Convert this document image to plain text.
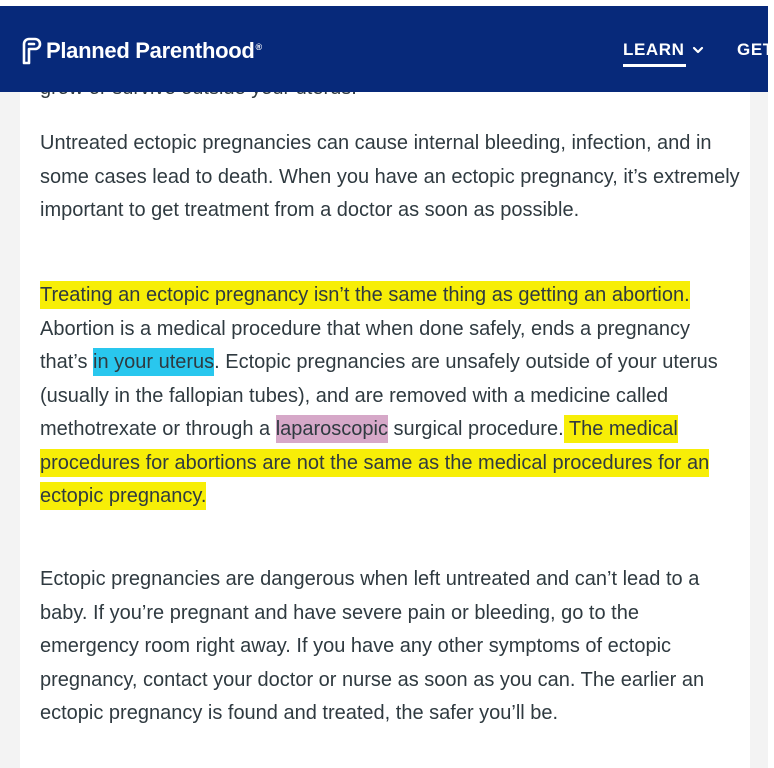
Untreated ectopic pregnancies can cause internal bleeding, infection, and in some cases lead to death. When you have an ectopic pregnancy, it’s extremely important to get treatment from a doctor as soon as possible.

Treating an ectopic pregnancy isn’t the same thing as getting an abortion. Abortion is a medical procedure that when done safely, ends a pregnancy that’s in your uterus. Ectopic pregnancies are unsafely outside of your uterus (usually in the fallopian tubes), and are removed with a medicine called methotrexate or through a laparoscopic surgical procedure. The medical procedures for abortions are not the same as the medical procedures for an ectopic pregnancy.

Ectopic pregnancies are dangerous when left untreated and can’t lead to a baby. If you’re pregnant and have severe pain or bleeding, go to the emergency room right away. If you have any other symptoms of ectopic pregnancy, contact your doctor or nurse as soon as you can. The earlier an ectopic pregnancy is found and treated, the safer you’ll be.

Planned Parenthood®	LEARN	GET
